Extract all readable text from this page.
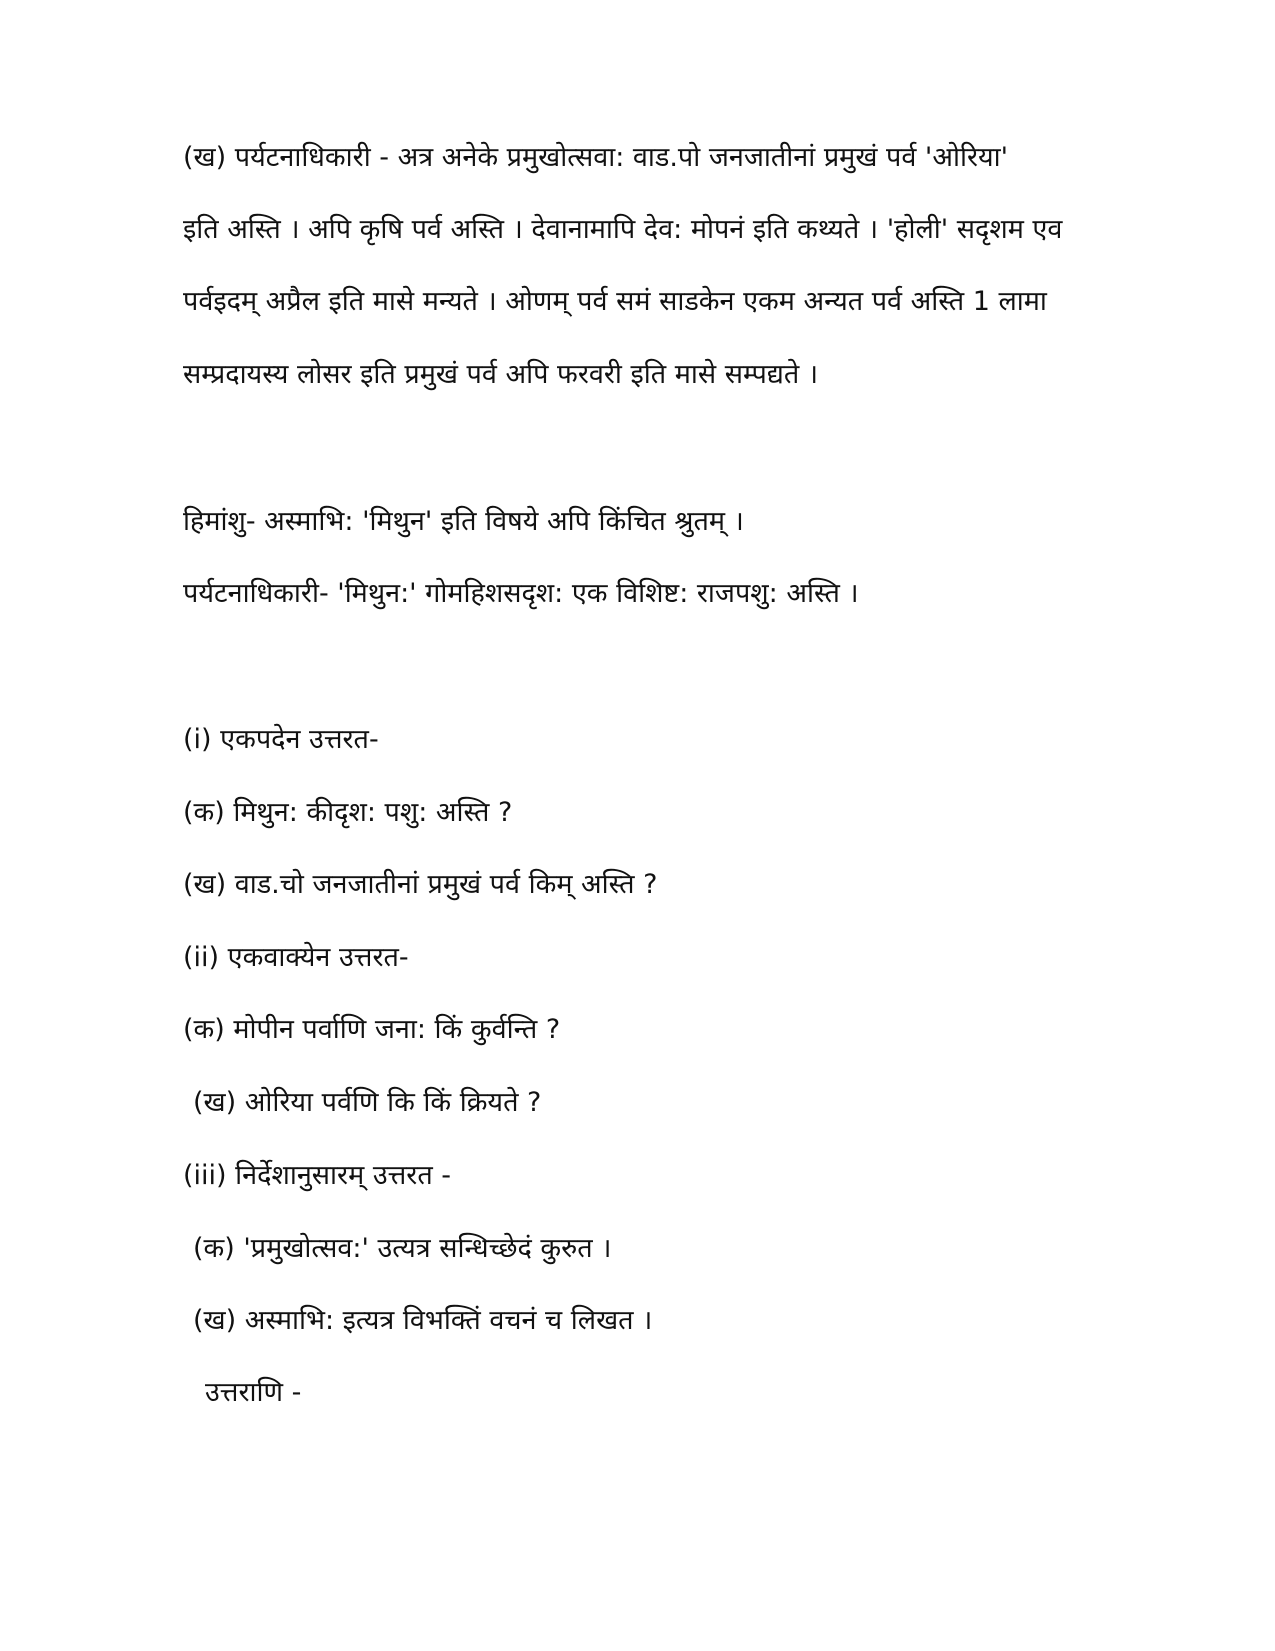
(ख) पर्यटनाधिकारी - अत्र अनेके प्रमुखोत्सवा: वाड.पो जनजातीनां प्रमुखं पर्व 'ओरिया'
इति अस्ति । अपि कृषि पर्व अस्ति । देवानामापि देव: मोपनं इति कथ्यते । 'होली' सदृशम एव
पर्वइदम् अप्रैल इति मासे मन्यते । ओणम् पर्व समं साडकेन एकम अन्यत पर्व अस्ति 1 लामा
सम्प्रदायस्य लोसर इति प्रमुखं पर्व अपि फरवरी इति मासे सम्पद्यते ।
हिमांशु- अस्माभि: 'मिथुन' इति विषये अपि किंचित श्रुतम् ।
पर्यटनाधिकारी- 'मिथुन:' गोमहिशसदृश: एक विशिष्ट: राजपशु: अस्ति ।
(i) एकपदेन उत्तरत-
(क) मिथुन: कीदृश: पशु: अस्ति ?
(ख) वाड.चो जनजातीनां प्रमुखं पर्व किम् अस्ति ?
(ii) एकवाक्येन उत्तरत-
(क) मोपीन पर्वाणि जना: किं कुर्वन्ति ?
(ख) ओरिया पर्वणि कि किं क्रियते ?
(iii) निर्देशानुसारम् उत्तरत -
(क) 'प्रमुखोत्सव:' उत्यत्र सन्धिच्छेदं कुरुत ।
(ख) अस्माभि: इत्यत्र विभक्तिं वचनं च लिखत ।
उत्तराणि -
